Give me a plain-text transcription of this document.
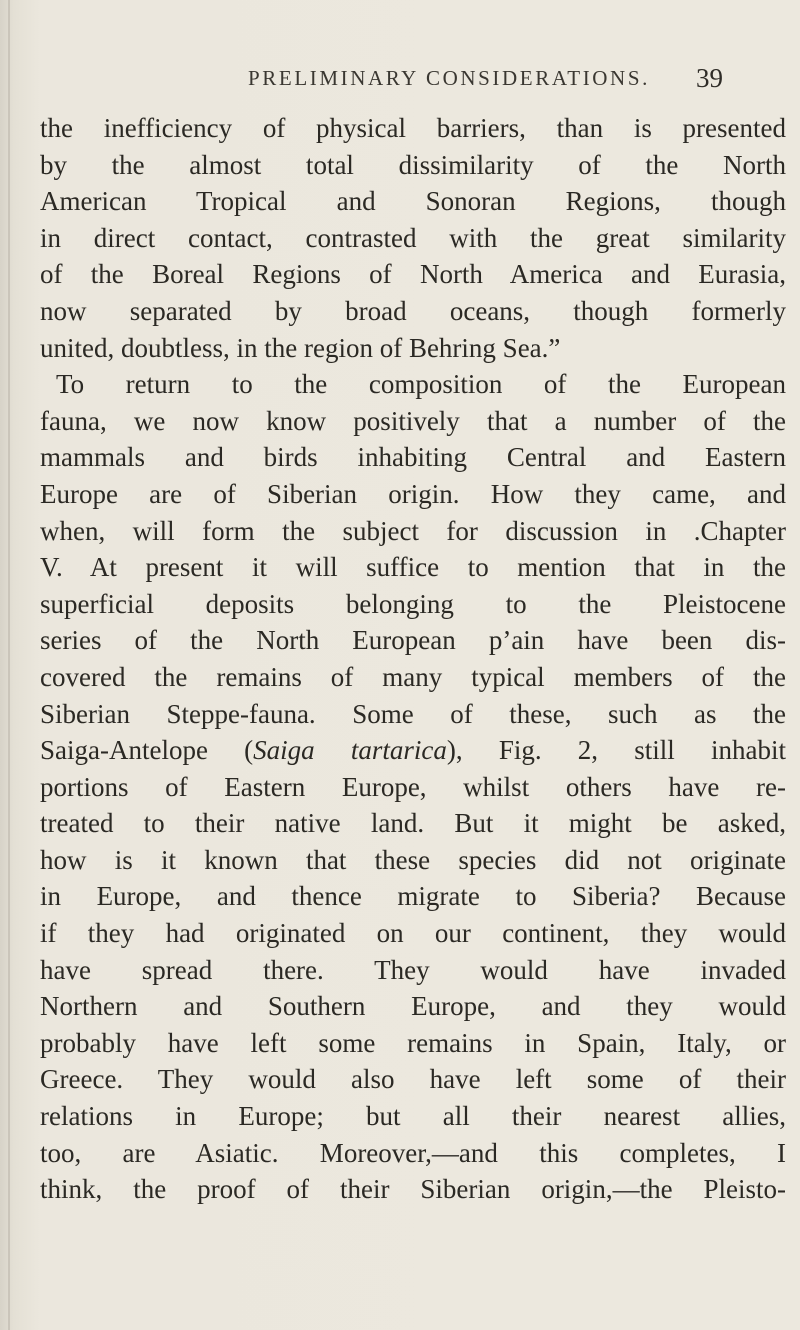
PRELIMINARY CONSIDERATIONS. 39
the inefficiency of physical barriers, than is presented
by the almost total dissimilarity of the North
American Tropical and Sonoran Regions, though
in direct contact, contrasted with the great similarity
of the Boreal Regions of North America and Eurasia,
now separated by broad oceans, though formerly
united, doubtless, in the region of Behring Sea.”
To return to the composition of the European
fauna, we now know positively that a number of the
mammals and birds inhabiting Central and Eastern
Europe are of Siberian origin. How they came, and
when, will form the subject for discussion in .Chapter
V. At present it will suffice to mention that in the
superficial deposits belonging to the Pleistocene
series of the North European p’ain have been dis-
covered the remains of many typical members of the
Siberian Steppe-fauna. Some of these, such as the
Saiga-Antelope (Saiga tartarica), Fig. 2, still inhabit
portions of Eastern Europe, whilst others have re-
treated to their native land. But it might be asked,
how is it known that these species did not originate
in Europe, and thence migrate to Siberia? Because
if they had originated on our continent, they would
have spread there. They would have invaded
Northern and Southern Europe, and they would
probably have left some remains in Spain, Italy, or
Greece. They would also have left some of their
relations in Europe; but all their nearest allies,
too, are Asiatic. Moreover,—and this completes, I
think, the proof of their Siberian origin,—the Pleisto-
